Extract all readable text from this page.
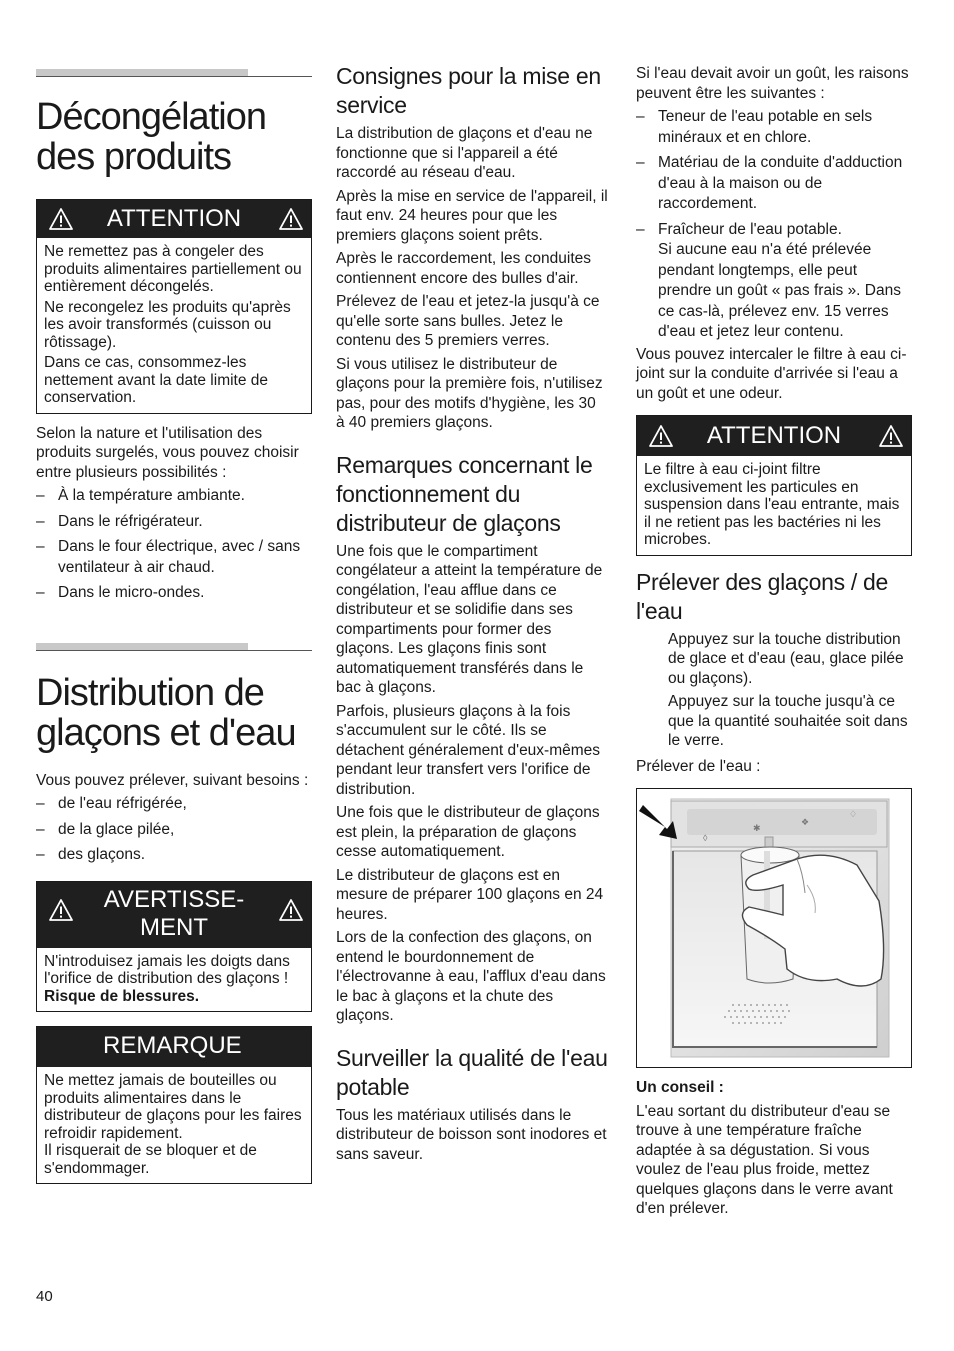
Décongélation des produits
ATTENTION

Ne remettez pas à congeler des produits alimentaires partiellement ou entièrement décongelés.

Ne recongelez les produits qu'après les avoir transformés (cuisson ou rôtissage).

Dans ce cas, consommez-les nettement avant la date limite de conservation.

Selon la nature et l'utilisation des produits surgelés, vous pouvez choisir entre plusieurs possibilités :

– À la température ambiante.
– Dans le réfrigérateur.
– Dans le four électrique, avec / sans ventilateur à air chaud.
– Dans le micro-ondes.
Distribution de glaçons et d'eau

Vous pouvez prélever, suivant besoins :

– de l'eau réfrigérée,
– de la glace pilée,
– des glaçons.
AVERTISSE-
MENT

N'introduisez jamais les doigts dans l'orifice de distribution des glaçons ! Risque de blessures.

REMARQUE

Ne mettez jamais de bouteilles ou produits alimentaires dans le distributeur de glaçons pour les faires refroidir rapidement.

Il risquerait de se bloquer et de s'endommager.

Consignes pour la mise en service

La distribution de glaçons et d'eau ne fonctionne que si l'appareil a été raccordé au réseau d'eau.

Après la mise en service de l'appareil, il faut env. 24 heures pour que les premiers glaçons soient prêts.

Après le raccordement, les conduites contiennent encore des bulles d'air.

Prélevez de l'eau et jetez-la jusqu'à ce qu'elle sorte sans bulles. Jetez le contenu des 5 premiers verres.

Si vous utilisez le distributeur de glaçons pour la première fois, n'utilisez pas, pour des motifs d'hygiène, les 30 à 40 premiers glaçons.

Remarques concernant le fonctionnement du distributeur de glaçons

Une fois que le compartiment congélateur a atteint la température de congélation, l'eau afflue dans ce distributeur et se solidifie dans ses compartiments pour former des glaçons. Les glaçons finis sont automatiquement transférés dans le bac à glaçons.

Parfois, plusieurs glaçons à la fois s'accumulent sur le côté. Ils se détachent généralement d'eux-mêmes pendant leur transfert vers l'orifice de distribution.

Une fois que le distributeur de glaçons est plein, la préparation de glaçons cesse automatiquement.

Le distributeur de glaçons est en mesure de préparer 100 glaçons en 24 heures.

Lors de la confection des glaçons, on entend le bourdonnement de l'électrovanne à eau, l'afflux d'eau dans le bac à glaçons et la chute des glaçons.

Surveiller la qualité de l'eau potable

Tous les matériaux utilisés dans le distributeur de boisson sont inodores et sans saveur.

Si l'eau devait avoir un goût, les raisons peuvent être les suivantes :

– Teneur de l'eau potable en sels minéraux et en chlore.
– Matériau de la conduite d'adduction d'eau à la maison ou de raccordement.
– Fraîcheur de l'eau potable.
Si aucune eau n'a été prélevée pendant longtemps, elle peut prendre un goût « pas frais ». Dans ce cas-là, prélevez env. 15 verres d'eau et jetez leur contenu.

Vous pouvez intercaler le filtre à eau ci-joint sur la conduite d'arrivée si l'eau a un goût et une odeur.

ATTENTION

Le filtre à eau ci-joint filtre exclusivement les particules en suspension dans l'eau entrante, mais il ne retient pas les bactéries ni les microbes.

Prélever des glaçons / de l'eau

Appuyez sur la touche distribution de glace et d'eau (eau, glace pilée ou glaçons).

Appuyez sur la touche jusqu'à ce que la quantité souhaitée soit dans le verre.

Prélever de l'eau :

◊
✱
❖
♢

Un conseil :

L'eau sortant du distributeur d'eau se trouve à une température fraîche adaptée à sa dégustation. Si vous voulez de l'eau plus froide, mettez quelques glaçons dans le verre avant d'en prélever.

40
